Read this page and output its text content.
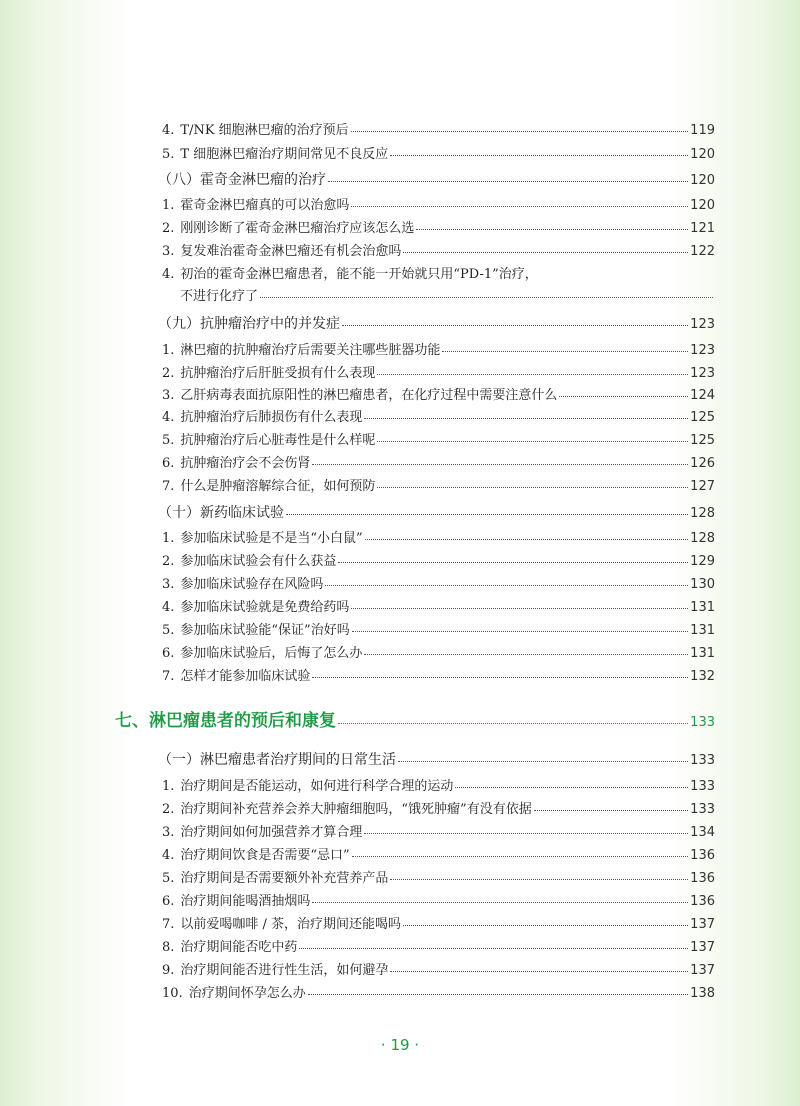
4. T/NK 细胞淋巴瘤的治疗预后	119
5. T 细胞淋巴瘤治疗期间常见不良反应	120
（八）霍奇金淋巴瘤的治疗	120
1. 霍奇金淋巴瘤真的可以治愈吗	120
2. 刚刚诊断了霍奇金淋巴瘤治疗应该怎么选	121
3. 复发难治霍奇金淋巴瘤还有机会治愈吗	122
4. 初治的霍奇金淋巴瘤患者，能不能一开始就只用“PD-1”治疗，
不进行化疗了
（九）抗肿瘤治疗中的并发症	123
1. 淋巴瘤的抗肿瘤治疗后需要关注哪些脏器功能	123
2. 抗肿瘤治疗后肝脏受损有什么表现	123
3. 乙肝病毒表面抗原阳性的淋巴瘤患者，在化疗过程中需要注意什么	124
4. 抗肿瘤治疗后肺损伤有什么表现	125
5. 抗肿瘤治疗后心脏毒性是什么样呢	125
6. 抗肿瘤治疗会不会伤肾	126
7. 什么是肿瘤溶解综合征，如何预防	127
（十）新药临床试验	128
1. 参加临床试验是不是当“小白鼠”	128
2. 参加临床试验会有什么获益	129
3. 参加临床试验存在风险吗	130
4. 参加临床试验就是免费给药吗	131
5. 参加临床试验能“保证”治好吗	131
6. 参加临床试验后，后悔了怎么办	131
7. 怎样才能参加临床试验	132
七、淋巴瘤患者的预后和康复	133
（一）淋巴瘤患者治疗期间的日常生活	133
1. 治疗期间是否能运动，如何进行科学合理的运动	133
2. 治疗期间补充营养会养大肿瘤细胞吗，“饿死肿瘤”有没有依据	133
3. 治疗期间如何加强营养才算合理	134
4. 治疗期间饮食是否需要“忌口”	136
5. 治疗期间是否需要额外补充营养产品	136
6. 治疗期间能喝酒抽烟吗	136
7. 以前爱喝咖啡 / 茶，治疗期间还能喝吗	137
8. 治疗期间能否吃中药	137
9. 治疗期间能否进行性生活，如何避孕	137
10. 治疗期间怀孕怎么办	138
· 19 ·
